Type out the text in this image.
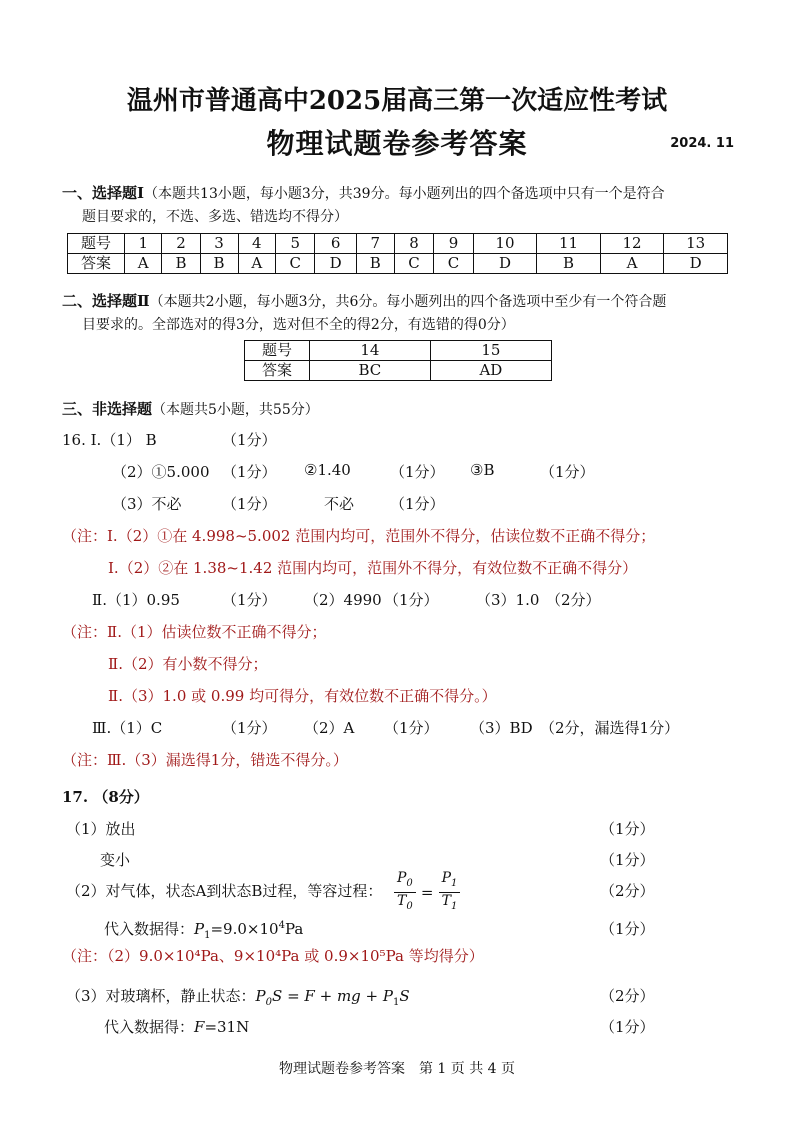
温州市普通高中2025届高三第一次适应性考试
物理试题卷参考答案	2024. 11
一、选择题Ⅰ（本题共13小题，每小题3分，共39分。每小题列出的四个备选项中只有一个是符合
题目要求的，不选、多选、错选均不得分）
题号	1	2	3	4	5	6	7	8	9	10	11	12	13
答案	A	B	B	A	C	D	B	C	C	D	B	A	D
二、选择题Ⅱ（本题共2小题，每小题3分，共6分。每小题列出的四个备选项中至少有一个符合题
目要求的。全部选对的得3分，选对但不全的得2分，有选错的得0分）
题号	14	15
答案	BC	AD
三、非选择题（本题共5小题，共55分）
16. Ⅰ.（1） B	（1分）
（2）①5.000 （1分） ②1.40	（1分） ③B	（1分）
（3）不必	（1分）	不必 （1分）
（注：Ⅰ.（2）①在 4.998~5.002 范围内均可，范围外不得分，估读位数不正确不得分；
Ⅰ.（2）②在 1.38~1.42 范围内均可，范围外不得分，有效位数不正确不得分）
Ⅱ.（1）0.95	（1分） （2）4990 （1分） （3）1.0 （2分）
（注：Ⅱ.（1）估读位数不正确不得分；
Ⅱ.（2）有小数不得分；
Ⅱ.（3）1.0 或 0.99 均可得分，有效位数不正确不得分。）
Ⅲ.（1）C	（1分） （2）A （1分） （3）BD （2分，漏选得1分）
（注：Ⅲ.（3）漏选得1分，错选不得分。）
17. （8分）
（1）放出	（1分）
变小	（1分）
（2）对气体，状态A到状态B过程，等容过程： $\frac{P_0}{T_0} = \frac{P_1}{T_1}$	（2分）
代入数据得：$P_1=9.0\times 10^4Pa$	（1分）
（注：（2）9.0×10⁴Pa、9×10⁴Pa 或 0.9×10⁵Pa 等均得分）
（3）对玻璃杯，静止状态：$P_0S = F$ + mg + $P_1S$	（2分）
代入数据得：F=31N	（1分）
物理试题卷参考答案　第 1 页 共 4 页
